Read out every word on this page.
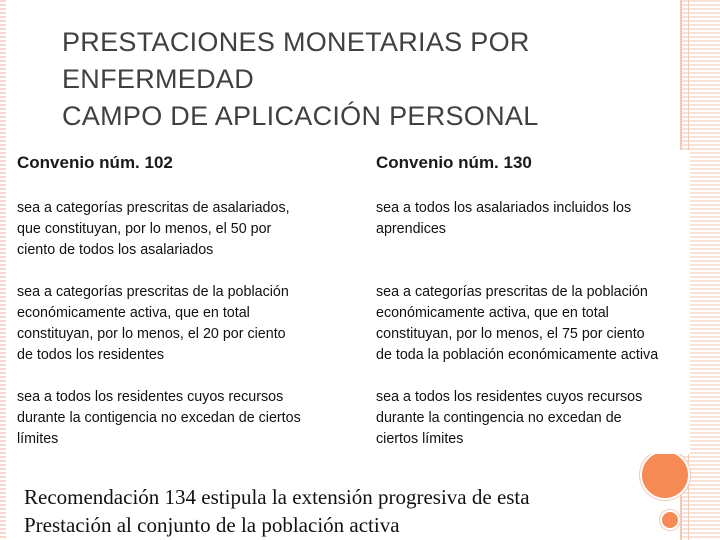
PRESTACIONES MONETARIAS POR
ENFERMEDAD
CAMPO DE APLICACIÓN PERSONAL
Convenio núm. 102
sea a categorías prescritas de asalariados,
que constituyan, por lo menos, el 50 por
ciento de todos los asalariados
sea a categorías prescritas de la población
económicamente activa, que en total
constituyan, por lo menos, el 20 por ciento
de todos los residentes
sea a todos los residentes cuyos recursos
durante la contigencia no excedan de ciertos
límites
Convenio núm. 130
sea a todos los asalariados incluidos los
aprendices
sea a categorías prescritas de la población
económicamente activa, que en total
constituyan, por lo menos, el 75 por ciento
de toda la población económicamente activa
sea a todos los residentes cuyos recursos
durante la contingencia no excedan de
ciertos límites
Recomendación 134 estipula la extensión progresiva de esta
Prestación al conjunto de la población activa
